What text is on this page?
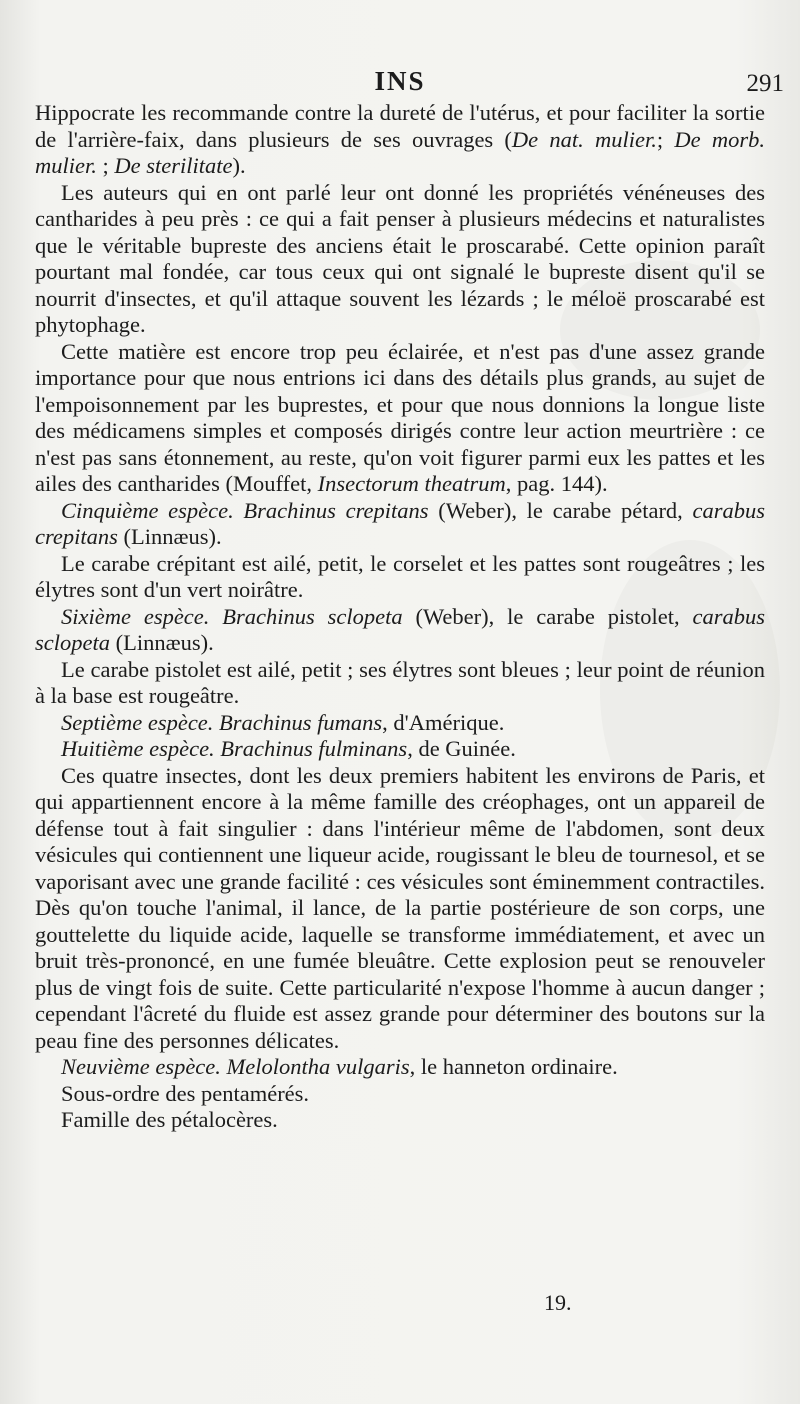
INS	291

Hippocrate les recommande contre la dureté de l'utérus, et pour faciliter la sortie de l'arrière-faix, dans plusieurs de ses ouvrages (De nat. mulier.; De morb. mulier. ; De sterilitate).

Les auteurs qui en ont parlé leur ont donné les propriétés vénéneuses des cantharides à peu près : ce qui a fait penser à plusieurs médecins et naturalistes que le véritable bupreste des anciens était le proscarabé. Cette opinion paraît pourtant mal fondée, car tous ceux qui ont signalé le bupreste disent qu'il se nourrit d'insectes, et qu'il attaque souvent les lézards ; le méloë proscarabé est phytophage.

Cette matière est encore trop peu éclairée, et n'est pas d'une assez grande importance pour que nous entrions ici dans des détails plus grands, au sujet de l'empoisonnement par les buprestes, et pour que nous donnions la longue liste des médicamens simples et composés dirigés contre leur action meurtrière : ce n'est pas sans étonnement, au reste, qu'on voit figurer parmi eux les pattes et les ailes des cantharides (Mouffet, Insectorum theatrum, pag. 144).

Cinquième espèce. Brachinus crepitans (Weber), le carabe pétard, carabus crepitans (Linnæus).

Le carabe crépitant est ailé, petit, le corselet et les pattes sont rougeâtres ; les élytres sont d'un vert noirâtre.

Sixième espèce. Brachinus sclopeta (Weber), le carabe pistolet, carabus sclopeta (Linnæus).

Le carabe pistolet est ailé, petit ; ses élytres sont bleues ; leur point de réunion à la base est rougeâtre.

Septième espèce. Brachinus fumans, d'Amérique.

Huitième espèce. Brachinus fulminans, de Guinée.

Ces quatre insectes, dont les deux premiers habitent les environs de Paris, et qui appartiennent encore à la même famille des créophages, ont un appareil de défense tout à fait singulier : dans l'intérieur même de l'abdomen, sont deux vésicules qui contiennent une liqueur acide, rougissant le bleu de tournesol, et se vaporisant avec une grande facilité : ces vésicules sont éminemment contractiles. Dès qu'on touche l'animal, il lance, de la partie postérieure de son corps, une gouttelette du liquide acide, laquelle se transforme immédiatement, et avec un bruit très-prononcé, en une fumée bleuâtre. Cette explosion peut se renouveler plus de vingt fois de suite. Cette particularité n'expose l'homme à aucun danger ; cependant l'âcreté du fluide est assez grande pour déterminer des boutons sur la peau fine des personnes délicates.

Neuvième espèce. Melolontha vulgaris, le hanneton ordinaire.

Sous-ordre des pentamérés.

Famille des pétalocères.

19.
